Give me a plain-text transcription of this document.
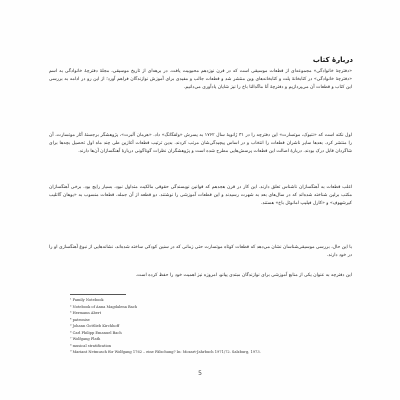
دربارهٔ کتاب

«دفترچهٔ خانوادگی» مجموعه‌ای از قطعات موسیقی است که در قرن نوزدهم محبوبیت یافت. در برهه‌ای از تاریخ موسیقی، مجلهٔ دفترچهٔ خانوادگی به اسم «دفترچهٔ خانوادگی» در کتابخانهٔ پلت و کتابخانه‌های وین منتشر شد و قطعات جالب و مفیدی برای آموزش نوازندگان فراهم آورد؛ از این رو در ادامه به بررسی این کتاب و قطعات آن می‌پردازیم و دفترچهٔ آنا ماگدالنا باخ را نیز شایان یادآوری می‌دانیم.

اول نکته است که «نتبوک، موتسارت» این دفترچه را در ۳۱ ژانویهٔ سال ۱۷۶۲ به پسرش «ولفگانگ» داد. «هرمان آلبرت»، پژوهشگر برجستهٔ آثار موتسارت، آن را منتشر کرد. بعدها سایر ناشران قطعات را انتخاب و در اساس پیچیدگی‌شان مرتب کردند. بدین ترتیب قطعات آغازین طی چند ماه اول تحصیل بچه‌ها برای شاگردان قابل درک بودند. دربارهٔ اصالت این قطعات پرسش‌هایی مطرح شده است و پژوهشگران نظرات گوناگونی دربارهٔ آهنگسازان آن‌ها دارند.

اغلب قطعات به آهنگسازان ناشناس تعلق دارند. این کار در قرن هجدهم که قوانین نویسندگی حقوقی مالکیت متداول نبود، بسیار رایج بود. برخی آهنگسازان مکتب برلین شناخته شده‌اند که در سال‌های بعد به شهرت رسیدند و این قطعات آموزشی را نوشتند. دو قطعه از آن جمله، قطعات منسوب به «یوهان گاتلیب کیرشهوف» و «کارل فیلیپ امانوئل باخ» هستند.

با این حال، بررسی موسیقی‌شناسان نشان می‌دهد که قطعات کوتاه موتسارت حتی زمانی که در سنین کودکی ساخته شده‌اند، نشانه‌هایی از نبوغ آهنگسازی او را در خود دارند.

این دفترچه به عنوان یکی از منابع آموزشی برای نوازندگان مبتدی پیانو، امروزه نیز اهمیت خود را حفظ کرده است.

¹ Family Notebook
² Notebook of Anna Magdalena Bach
³ Hermann Abert
⁴ patronise
⁵ Johann Gottlieb Kirchhoff
⁶ Carl Philipp Emanuel Bach
⁷ Wolfgang Plath
⁸ musical stratification
⁹ Mariant Netmusch für Wolfgang 1762 – eine Fälschung? In: Mozart-Jahrbuch 1971/72. Salzburg, 1973.
5
